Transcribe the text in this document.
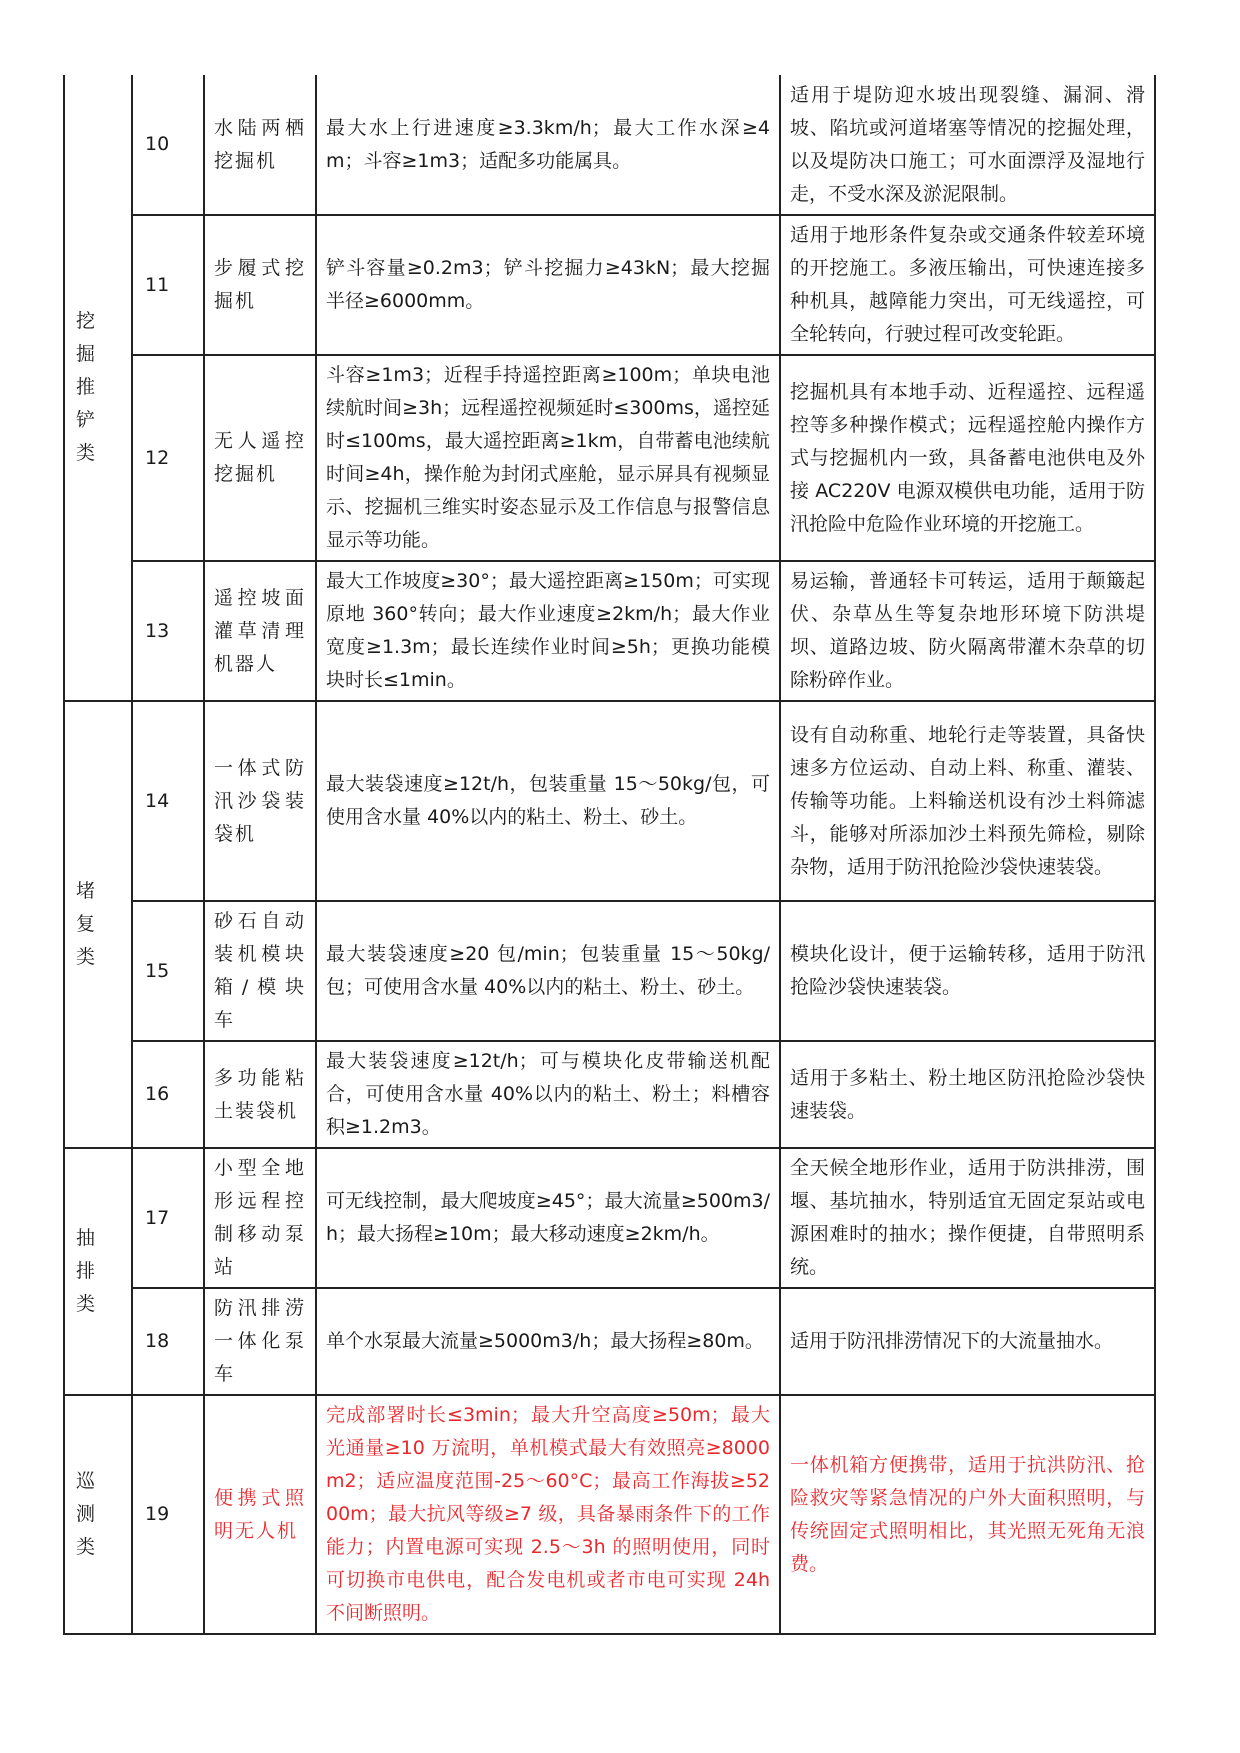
挖掘推铲类	10	水陆两栖挖掘机	最大水上行进速度≥3.3km/h；最大工作水深≥4m；斗容≥1m3；适配多功能属具。	适用于堤防迎水坡出现裂缝、漏洞、滑坡、陷坑或河道堵塞等情况的挖掘处理，以及堤防决口施工；可水面漂浮及湿地行走，不受水深及淤泥限制。
	11	步履式挖掘机	铲斗容量≥0.2m3；铲斗挖掘力≥43kN；最大挖掘半径≥6000mm。	适用于地形条件复杂或交通条件较差环境的开挖施工。多液压输出，可快速连接多种机具，越障能力突出，可无线遥控，可全轮转向，行驶过程可改变轮距。
	12	无人遥控挖掘机	斗容≥1m3；近程手持遥控距离≥100m；单块电池续航时间≥3h；远程遥控视频延时≤300ms，遥控延时≤100ms，最大遥控距离≥1km，自带蓄电池续航时间≥4h，操作舱为封闭式座舱，显示屏具有视频显示、挖掘机三维实时姿态显示及工作信息与报警信息显示等功能。	挖掘机具有本地手动、近程遥控、远程遥控等多种操作模式；远程遥控舱内操作方式与挖掘机内一致，具备蓄电池供电及外接 AC220V 电源双模供电功能，适用于防汛抢险中危险作业环境的开挖施工。
	13	遥控坡面灌草清理机器人	最大工作坡度≥30°；最大遥控距离≥150m；可实现原地 360°转向；最大作业速度≥2km/h；最大作业宽度≥1.3m；最长连续作业时间≥5h；更换功能模块时长≤1min。	易运输，普通轻卡可转运，适用于颠簸起伏、杂草丛生等复杂地形环境下防洪堤坝、道路边坡、防火隔离带灌木杂草的切除粉碎作业。
堵复类	14	一体式防汛沙袋装袋机	最大装袋速度≥12t/h，包装重量 15～50kg/包，可使用含水量 40%以内的粘土、粉土、砂土。	设有自动称重、地轮行走等装置，具备快速多方位运动、自动上料、称重、灌装、传输等功能。上料输送机设有沙土料筛滤斗，能够对所添加沙土料预先筛检，剔除杂物，适用于防汛抢险沙袋快速装袋。
	15	砂石自动装机模块箱/模块车	最大装袋速度≥20 包/min；包装重量 15～50kg/包；可使用含水量 40%以内的粘土、粉土、砂土。	模块化设计，便于运输转移，适用于防汛抢险沙袋快速装袋。
	16	多功能粘土装袋机	最大装袋速度≥12t/h；可与模块化皮带输送机配合，可使用含水量 40%以内的粘土、粉土；料槽容积≥1.2m3。	适用于多粘土、粉土地区防汛抢险沙袋快速装袋。
抽排类	17	小型全地形远程控制移动泵站	可无线控制，最大爬坡度≥45°；最大流量≥500m3/h；最大扬程≥10m；最大移动速度≥2km/h。	全天候全地形作业，适用于防洪排涝，围堰、基坑抽水，特别适宜无固定泵站或电源困难时的抽水；操作便捷，自带照明系统。
	18	防汛排涝一体化泵车	单个水泵最大流量≥5000m3/h；最大扬程≥80m。	适用于防汛排涝情况下的大流量抽水。
巡测类	19	便携式照明无人机	完成部署时长≤3min；最大升空高度≥50m；最大光通量≥10 万流明，单机模式最大有效照亮≥8000m2；适应温度范围-25～60°C；最高工作海拔≥5200m；最大抗风等级≥7 级，具备暴雨条件下的工作能力；内置电源可实现 2.5～3h 的照明使用，同时可切换市电供电，配合发电机或者市电可实现 24h 不间断照明。	一体机箱方便携带，适用于抗洪防汛、抢险救灾等紧急情况的户外大面积照明，与传统固定式照明相比，其光照无死角无浪费。
